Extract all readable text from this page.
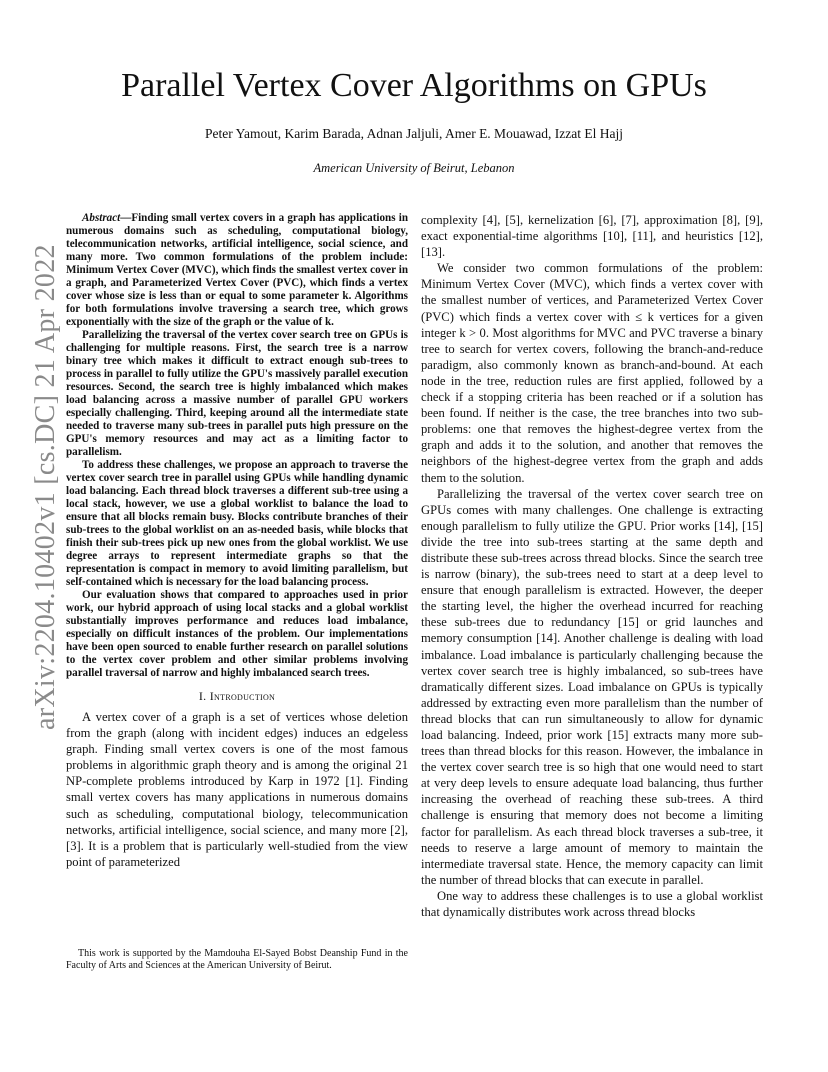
arXiv:2204.10402v1 [cs.DC] 21 Apr 2022
Parallel Vertex Cover Algorithms on GPUs
Peter Yamout, Karim Barada, Adnan Jaljuli, Amer E. Mouawad, Izzat El Hajj
American University of Beirut, Lebanon

Abstract—Finding small vertex covers in a graph has applications in numerous domains such as scheduling, computational biology, telecommunication networks, artificial intelligence, social science, and many more. Two common formulations of the problem include: Minimum Vertex Cover (MVC), which finds the smallest vertex cover in a graph, and Parameterized Vertex Cover (PVC), which finds a vertex cover whose size is less than or equal to some parameter k. Algorithms for both formulations involve traversing a search tree, which grows exponentially with the size of the graph or the value of k.

Parallelizing the traversal of the vertex cover search tree on GPUs is challenging for multiple reasons. First, the search tree is a narrow binary tree which makes it difficult to extract enough sub-trees to process in parallel to fully utilize the GPU's massively parallel execution resources. Second, the search tree is highly imbalanced which makes load balancing across a massive number of parallel GPU workers especially challenging. Third, keeping around all the intermediate state needed to traverse many sub-trees in parallel puts high pressure on the GPU's memory resources and may act as a limiting factor to parallelism.

To address these challenges, we propose an approach to traverse the vertex cover search tree in parallel using GPUs while handling dynamic load balancing. Each thread block traverses a different sub-tree using a local stack, however, we use a global worklist to balance the load to ensure that all blocks remain busy. Blocks contribute branches of their sub-trees to the global worklist on an as-needed basis, while blocks that finish their sub-trees pick up new ones from the global worklist. We use degree arrays to represent intermediate graphs so that the representation is compact in memory to avoid limiting parallelism, but self-contained which is necessary for the load balancing process.

Our evaluation shows that compared to approaches used in prior work, our hybrid approach of using local stacks and a global worklist substantially improves performance and reduces load imbalance, especially on difficult instances of the problem. Our implementations have been open sourced to enable further research on parallel solutions to the vertex cover problem and other similar problems involving parallel traversal of narrow and highly imbalanced search trees.

I. Introduction

A vertex cover of a graph is a set of vertices whose deletion from the graph (along with incident edges) induces an edgeless graph. Finding small vertex covers is one of the most famous problems in algorithmic graph theory and is among the original 21 NP-complete problems introduced by Karp in 1972 [1]. Finding small vertex covers has many applications in numerous domains such as scheduling, computational biology, telecommunication networks, artificial intelligence, social science, and many more [2], [3]. It is a problem that is particularly well-studied from the view point of parameterized

This work is supported by the Mamdouha El-Sayed Bobst Deanship Fund in the Faculty of Arts and Sciences at the American University of Beirut.

complexity [4], [5], kernelization [6], [7], approximation [8], [9], exact exponential-time algorithms [10], [11], and heuristics [12], [13].

We consider two common formulations of the problem: Minimum Vertex Cover (MVC), which finds a vertex cover with the smallest number of vertices, and Parameterized Vertex Cover (PVC) which finds a vertex cover with ≤ k vertices for a given integer k > 0. Most algorithms for MVC and PVC traverse a binary tree to search for vertex covers, following the branch-and-reduce paradigm, also commonly known as branch-and-bound. At each node in the tree, reduction rules are first applied, followed by a check if a stopping criteria has been reached or if a solution has been found. If neither is the case, the tree branches into two sub-problems: one that removes the highest-degree vertex from the graph and adds it to the solution, and another that removes the neighbors of the highest-degree vertex from the graph and adds them to the solution.

Parallelizing the traversal of the vertex cover search tree on GPUs comes with many challenges. One challenge is extracting enough parallelism to fully utilize the GPU. Prior works [14], [15] divide the tree into sub-trees starting at the same depth and distribute these sub-trees across thread blocks. Since the search tree is narrow (binary), the sub-trees need to start at a deep level to ensure that enough parallelism is extracted. However, the deeper the starting level, the higher the overhead incurred for reaching these sub-trees due to redundancy [15] or grid launches and memory consumption [14]. Another challenge is dealing with load imbalance. Load imbalance is particularly challenging because the vertex cover search tree is highly imbalanced, so sub-trees have dramatically different sizes. Load imbalance on GPUs is typically addressed by extracting even more parallelism than the number of thread blocks that can run simultaneously to allow for dynamic load balancing. Indeed, prior work [15] extracts many more sub-trees than thread blocks for this reason. However, the imbalance in the vertex cover search tree is so high that one would need to start at very deep levels to ensure adequate load balancing, thus further increasing the overhead of reaching these sub-trees. A third challenge is ensuring that memory does not become a limiting factor for parallelism. As each thread block traverses a sub-tree, it needs to reserve a large amount of memory to maintain the intermediate traversal state. Hence, the memory capacity can limit the number of thread blocks that can execute in parallel.

One way to address these challenges is to use a global worklist that dynamically distributes work across thread blocks
